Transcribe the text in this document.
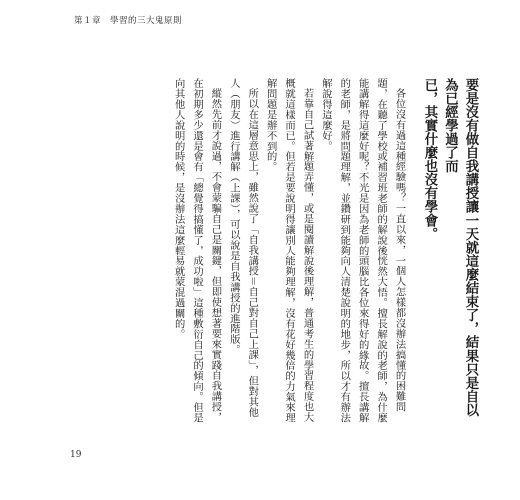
第１章　學習的三大鬼原則

要是沒有做自我講授讓一天就這麼結束了，結果只是自以為已經學過了而
已，其實什麼也沒有學會。

各位沒有過這種經驗嗎？一直以來，一個人怎樣都沒辦法搞懂的困難問題，在聽了學校或補習班老師的解說後恍然大悟。擅長解說的老師，為什麼能講解得這麼好呢？不光是因為老師的頭腦比各位來得好的緣故。擅長講解的老師，是將問題理解，並鑽研到能夠向人清楚說明的地步，所以才有辦法解說得這麼好。

若靠自己試著解題弄懂，或是閱讀解說後理解，普通考生的學習程度也大概就這樣而已。但若是要說明得讓別人能夠理解，沒有花好幾倍的力氣來理解問題是辦不到的。

所以在這層意思上，雖然說了「自我講授＝自己對自己上課」，但對其他人（朋友）進行講解（上課），可以說是自我講授的進階版。

縱然先前才說過，不會蒙騙自己是關鍵，但即使想著要來實踐自我講授，在初期多少還是會有「總覺得搞懂了，成功啦」這種敷衍自己的傾向。但是向其他人說明的時候，是沒辦法這麼輕易就蒙混過關的。

19
